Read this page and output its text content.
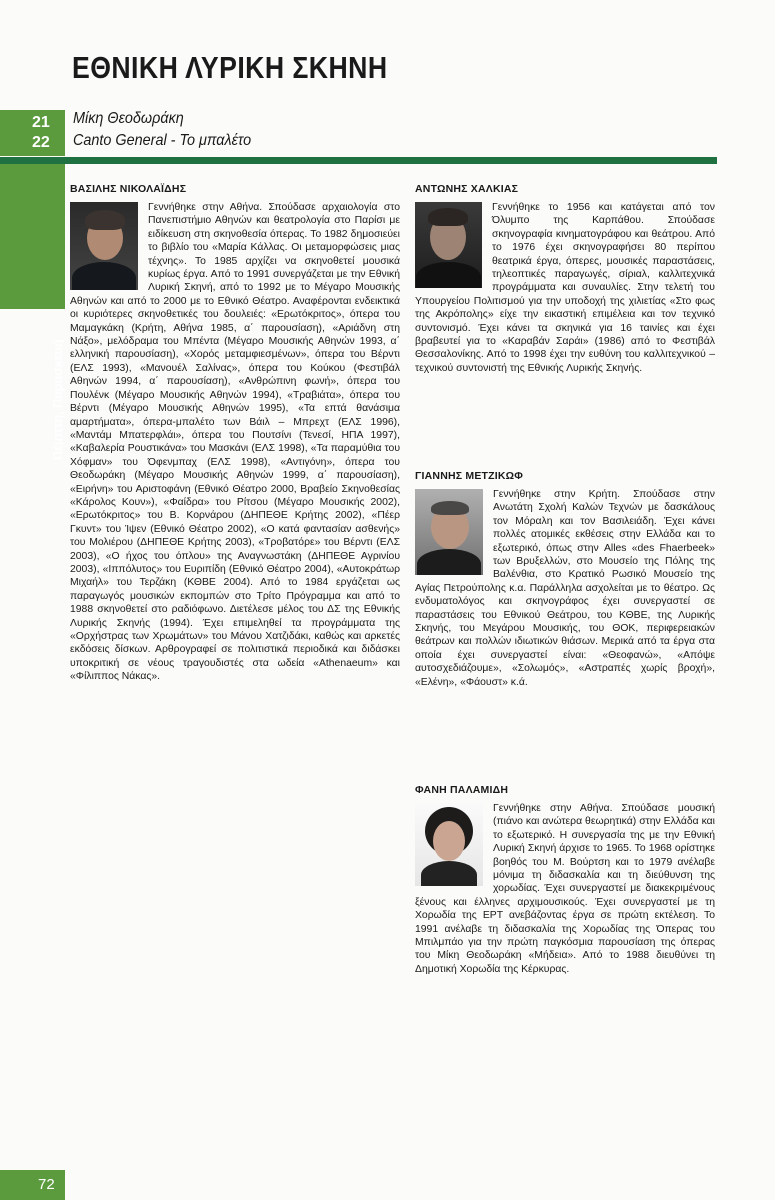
ΕΘΝΙΚΗ ΛΥΡΙΚΗ ΣΚΗΝΗ
21
22
Μίκη Θεοδωράκη
Canto General - Το μπαλέτο
Πέμπτη, Παρασκευή
ΒΑΣΙΛΗΣ ΝΙΚΟΛΑΪΔΗΣ

Γεννήθηκε στην Αθήνα. Σπούδασε αρχαιολογία στο Πανεπιστήμιο Αθηνών και θεατρολογία στο Παρίσι με ειδίκευση στη σκηνοθεσία όπερας. Το 1982 δημοσιεύει το βιβλίο του «Μαρία Κάλλας. Οι μεταμορφώσεις μιας τέχνης». Το 1985 αρχίζει να σκηνοθετεί μουσικά κυρίως έργα. Από το 1991 συνεργάζεται με την Εθνική Λυρική Σκηνή, από το 1992 με το Μέγαρο Μουσικής Αθηνών και από το 2000 με το Εθνικό Θέατρο. Αναφέρονται ενδεικτικά οι κυριότερες σκηνοθετικές του δουλειές: «Ερωτόκριτος», όπερα του Μαμαγκάκη (Κρήτη, Αθήνα 1985, α΄ παρουσίαση), «Αριάδνη στη Νάξο», μελόδραμα του Μπέντα (Μέγαρο Μουσικής Αθηνών 1993, α΄ ελληνική παρουσίαση), «Χορός μεταμφιεσμένων», όπερα του Βέρντι (ΕΛΣ 1993), «Μανουέλ Σαλίνας», όπερα του Κούκου (Φεστιβάλ Αθηνών 1994, α΄ παρουσίαση), «Ανθρώπινη φωνή», όπερα του Πουλένκ (Μέγαρο Μουσικής Αθηνών 1994), «Τραβιάτα», όπερα του Βέρντι (Μέγαρο Μουσικής Αθηνών 1995), «Τα επτά θανάσιμα αμαρτήματα», όπερα-μπαλέτο των Βάιλ – Μπρεχτ (ΕΛΣ 1996), «Μαντάμ Μπατερφλάι», όπερα του Πουτσίνι (Τενεσί, ΗΠΑ 1997), «Καβαλερία Ρουστικάνα» του Μασκάνι (ΕΛΣ 1998), «Τα παραμύθια του Χόφμαν» του Όφενμπαχ (ΕΛΣ 1998), «Αντιγόνη», όπερα του Θεοδωράκη (Μέγαρο Μουσικής Αθηνών 1999, α΄ παρουσίαση), «Ειρήνη» του Αριστοφάνη (Εθνικό Θέατρο 2000, Βραβείο Σκηνοθεσίας «Κάρολος Κουν»), «Φαίδρα» του Ρίτσου (Μέγαρο Μουσικής 2002), «Ερωτόκριτος» του Β. Κορνάρου (ΔΗΠΕΘΕ Κρήτης 2002), «Πέερ Γκυντ» του Ίψεν (Εθνικό Θέατρο 2002), «Ο κατά φαντασίαν ασθενής» του Μολιέρου (ΔΗΠΕΘΕ Κρήτης 2003), «Τροβατόρε» του Βέρντι (ΕΛΣ 2003), «Ο ήχος του όπλου» της Αναγνωστάκη (ΔΗΠΕΘΕ Αγρινίου 2003), «Ιππόλυτος» του Ευριπίδη (Εθνικό Θέατρο 2004), «Αυτοκράτωρ Μιχαήλ» του Τερζάκη (ΚΘΒΕ 2004). Από το 1984 εργάζεται ως παραγωγός μουσικών εκπομπών στο Τρίτο Πρόγραμμα και από το 1988 σκηνοθετεί στο ραδιόφωνο. Διετέλεσε μέλος του ΔΣ της Εθνικής Λυρικής Σκηνής (1994). Έχει επιμεληθεί τα προγράμματα της «Ορχήστρας των Χρωμάτων» του Μάνου Χατζιδάκι, καθώς και αρκετές εκδόσεις δίσκων. Αρθρογραφεί σε πολιτιστικά περιοδικά και διδάσκει υποκριτική σε νέους τραγουδιστές στα ωδεία «Athenaeum» και «Φίλιππος Νάκας».

ΑΝΤΩΝΗΣ ΧΑΛΚΙΑΣ

Γεννήθηκε το 1956 και κατάγεται από τον Όλυμπο της Καρπάθου. Σπούδασε σκηνογραφία κινηματογράφου και θεάτρου. Από το 1976 έχει σκηνογραφήσει 80 περίπου θεατρικά έργα, όπερες, μουσικές παραστάσεις, τηλεοπτικές παραγωγές, σίριαλ, καλλιτεχνικά προγράμματα και συναυλίες. Στην τελετή του Υπουργείου Πολιτισμού για την υποδοχή της χιλιετίας «Στο φως της Ακρόπολης» είχε την εικαστική επιμέλεια και τον τεχνικό συντονισμό. Έχει κάνει τα σκηνικά για 16 ταινίες και έχει βραβευτεί για το «Καραβάν Σαράι» (1986) από το Φεστιβάλ Θεσσαλονίκης. Από το 1998 έχει την ευθύνη του καλλιτεχνικού – τεχνικού συντονιστή της Εθνικής Λυρικής Σκηνής.

ΓΙΑΝΝΗΣ ΜΕΤΖΙΚΩΦ

Γεννήθηκε στην Κρήτη. Σπούδασε στην Ανωτάτη Σχολή Καλών Τεχνών με δασκάλους τον Μόραλη και τον Βασιλειάδη. Έχει κάνει πολλές ατομικές εκθέσεις στην Ελλάδα και το εξωτερικό, όπως στην Alles «des Fhaerbeek» των Βρυξελλών, στο Μουσείο της Πόλης της Βαλένθια, στο Κρατικό Ρωσικό Μουσείο της Αγίας Πετρούπολης κ.α. Παράλληλα ασχολείται με το θέατρο. Ως ενδυματολόγος και σκηνογράφος έχει συνεργαστεί σε παραστάσεις του Εθνικού Θεάτρου, του ΚΘΒΕ, της Λυρικής Σκηνής, του Μεγάρου Μουσικής, του ΘΟΚ, περιφερειακών θεάτρων και πολλών ιδιωτικών θιάσων. Μερικά από τα έργα στα οποία έχει συνεργαστεί είναι: «Θεοφανώ», «Απόψε αυτοσχεδιάζουμε», «Σολωμός», «Αστραπές χωρίς βροχή», «Ελένη», «Φάουστ» κ.ά.

ΦΑΝΗ ΠΑΛΑΜΙΔΗ

Γεννήθηκε στην Αθήνα. Σπούδασε μουσική (πιάνο και ανώτερα θεωρητικά) στην Ελλάδα και το εξωτερικό. Η συνεργασία της με την Εθνική Λυρική Σκηνή άρχισε το 1965. Το 1968 ορίστηκε βοηθός του Μ. Βούρτση και το 1979 ανέλαβε μόνιμα τη διδασκαλία και τη διεύθυνση της χορωδίας. Έχει συνεργαστεί με διακεκριμένους ξένους και έλληνες αρχιμουσικούς. Έχει συνεργαστεί με τη Χορωδία της ΕΡΤ ανεβάζοντας έργα σε πρώτη εκτέλεση. Το 1991 ανέλαβε τη διδασκαλία της Χορωδίας της Όπερας του Μπιλμπάο για την πρώτη παγκόσμια παρουσίαση της όπερας του Μίκη Θεοδωράκη «Μήδεια». Από το 1988 διευθύνει τη Δημοτική Χορωδία της Κέρκυρας.

72
